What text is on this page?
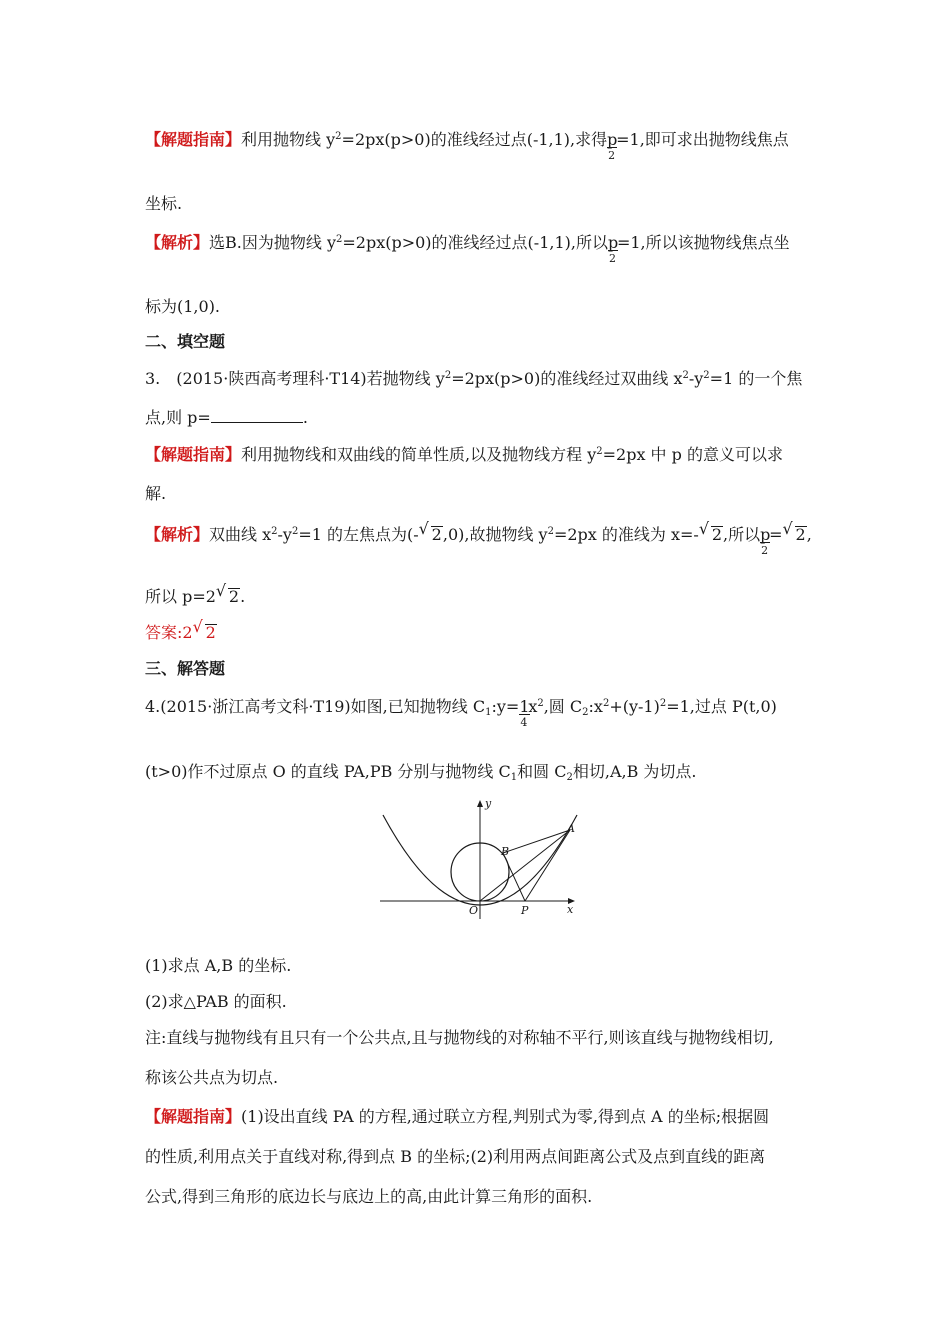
【解题指南】利用抛物线 $y^2=2px(p>0)$的准线经过点(-1,1),求得$\frac{p}{2} =1$,即可求出抛物线焦点
坐标.
【解析】选B.因为抛物线 $y^2=2px(p>0)$的准线经过点(-1,1),所以$\frac{p}{2} =1$,所以该抛物线焦点坐
标为(1,0).
二、填空题
3.　(2015·陕西高考理科·T14)若抛物线 $y^2=2px(p>0)$的准线经过双曲线 $x^2-y^2=1$ 的一个焦
点,则 p=	.
【解题指南】利用抛物线和双曲线的简单性质,以及抛物线方程 $y^2=2px$ 中 p 的意义可以求
解.
【解析】双曲线 $x^2-y^2=1$ 的左焦点为(- √ 2,0),故抛物线 $y^2=2px$ 的准线为 x=- √ 2,所以$\frac{p}{2}$ = √ 2,
所以 p=2 √ 2.
答案:2 √ 2
三、解答题
4.(2015·浙江高考文科·T19)如图,已知抛物线 $C_1:y=\frac{1}{4} x^2$,圆 $C_2:x^2+(y-1)^2=1$,过点 P(t,0)
(t>0)作不过原点 O 的直线 PA,PB 分别与抛物线 $C_1$和圆 $C_2$相切,A,B 为切点.
y
x
O
A
B
P
(1)求点 A,B 的坐标.
(2)求△PAB 的面积.
注:直线与抛物线有且只有一个公共点,且与抛物线的对称轴不平行,则该直线与抛物线相切,
称该公共点为切点.
【解题指南】(1)设出直线 PA 的方程,通过联立方程,判别式为零,得到点 A 的坐标;根据圆
的性质,利用点关于直线对称,得到点 B 的坐标;(2)利用两点间距离公式及点到直线的距离
公式,得到三角形的底边长与底边上的高,由此计算三角形的面积.
